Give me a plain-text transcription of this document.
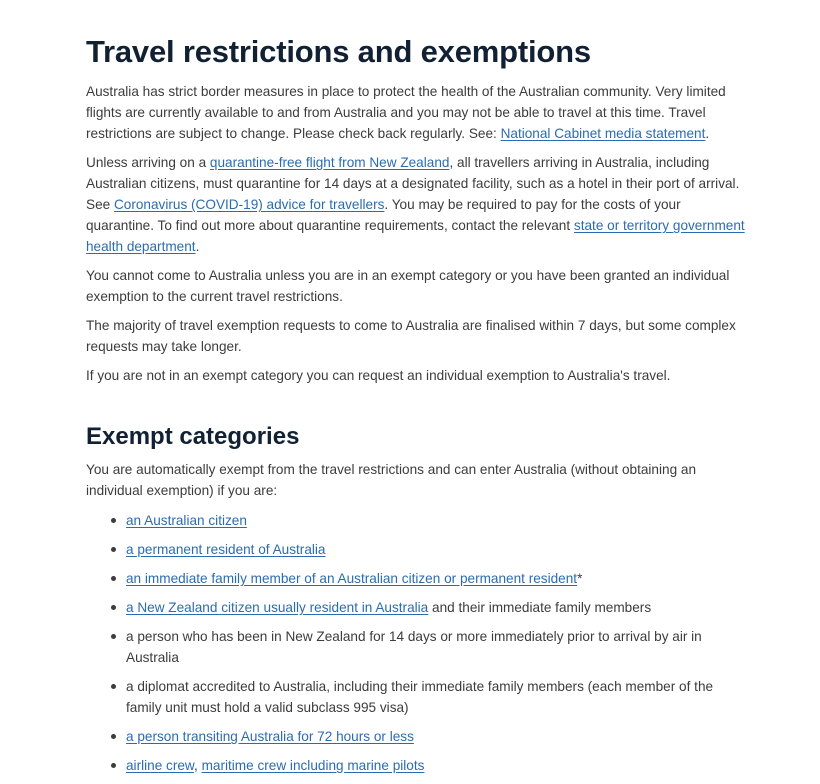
Travel restrictions and exemptions

Australia has strict border measures in place to protect the health of the Australian community. Very limited flights are currently available to and from Australia and you may not be able to travel at this time. Travel restrictions are subject to change. Please check back regularly. See: National Cabinet media statement.

Unless arriving on a quarantine-free flight from New Zealand, all travellers arriving in Australia, including Australian citizens, must quarantine for 14 days at a designated facility, such as a hotel in their port of arrival. See Coronavirus (COVID-19) advice for travellers. You may be required to pay for the costs of your quarantine. To find out more about quarantine requirements, contact the relevant state or territory government health department.

You cannot come to Australia unless you are in an exempt category or you have been granted an individual exemption to the current travel restrictions.

The majority of travel exemption requests to come to Australia are finalised within 7 days, but some complex requests may take longer.

If you are not in an exempt category you can request an individual exemption to Australia's travel.

Exempt categories

You are automatically exempt from the travel restrictions and can enter Australia (without obtaining an individual exemption) if you are:

an Australian citizen
a permanent resident of Australia
an immediate family member of an Australian citizen or permanent resident*
a New Zealand citizen usually resident in Australia and their immediate family members
a person who has been in New Zealand for 14 days or more immediately prior to arrival by air in Australia
a diplomat accredited to Australia, including their immediate family members (each member of the family unit must hold a valid subclass 995 visa)
a person transiting Australia for 72 hours or less
airline crew, maritime crew including marine pilots
